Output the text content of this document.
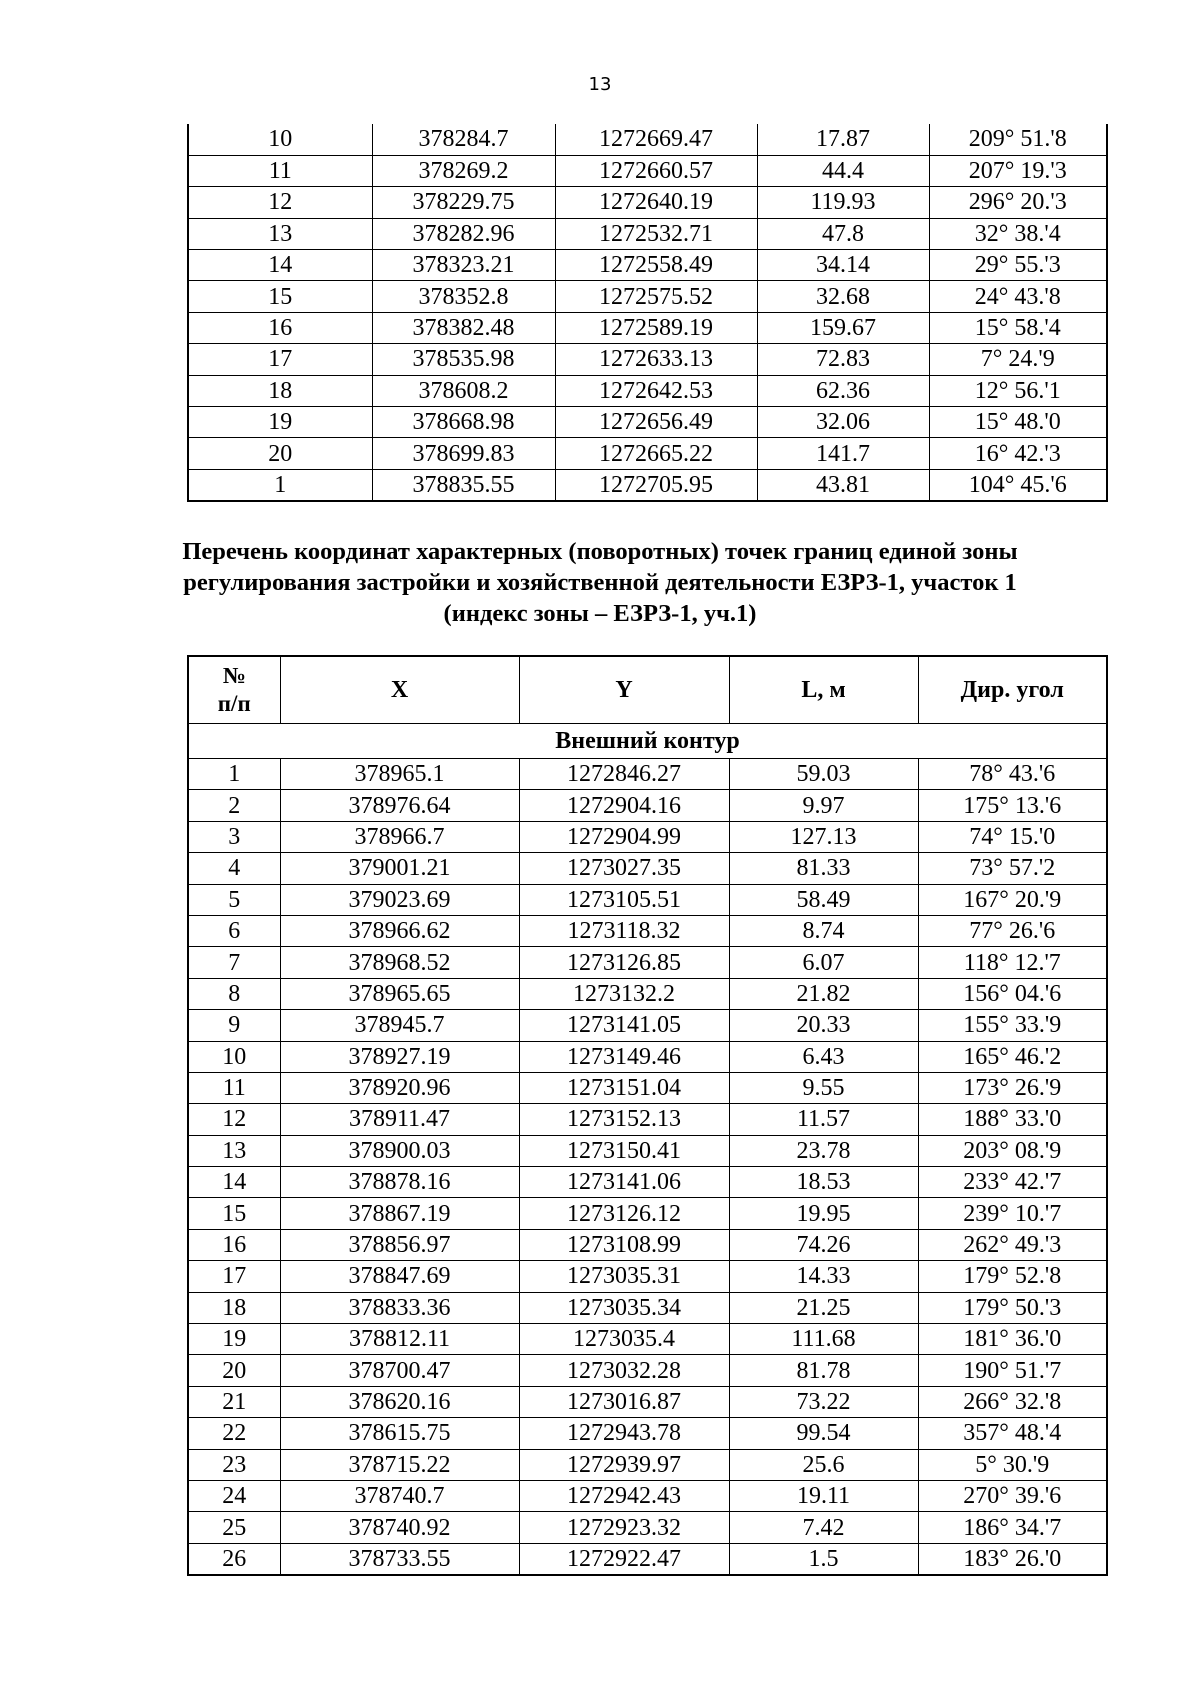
13
10	378284.7	1272669.47	17.87	209° 51.'8
11	378269.2	1272660.57	44.4	207° 19.'3
12	378229.75	1272640.19	119.93	296° 20.'3
13	378282.96	1272532.71	47.8	32° 38.'4
14	378323.21	1272558.49	34.14	29° 55.'3
15	378352.8	1272575.52	32.68	24° 43.'8
16	378382.48	1272589.19	159.67	15° 58.'4
17	378535.98	1272633.13	72.83	7° 24.'9
18	378608.2	1272642.53	62.36	12° 56.'1
19	378668.98	1272656.49	32.06	15° 48.'0
20	378699.83	1272665.22	141.7	16° 42.'3
1	378835.55	1272705.95	43.81	104° 45.'6
Перечень координат характерных (поворотных) точек границ единой зоны
регулирования застройки и хозяйственной деятельности ЕЗРЗ-1, участок 1
(индекс зоны – ЕЗРЗ-1, уч.1)
№
п/п	X	Y	L, м	Дир. угол
Внешний контур				
1	378965.1	1272846.27	59.03	78° 43.'6
2	378976.64	1272904.16	9.97	175° 13.'6
3	378966.7	1272904.99	127.13	74° 15.'0
4	379001.21	1273027.35	81.33	73° 57.'2
5	379023.69	1273105.51	58.49	167° 20.'9
6	378966.62	1273118.32	8.74	77° 26.'6
7	378968.52	1273126.85	6.07	118° 12.'7
8	378965.65	1273132.2	21.82	156° 04.'6
9	378945.7	1273141.05	20.33	155° 33.'9
10	378927.19	1273149.46	6.43	165° 46.'2
11	378920.96	1273151.04	9.55	173° 26.'9
12	378911.47	1273152.13	11.57	188° 33.'0
13	378900.03	1273150.41	23.78	203° 08.'9
14	378878.16	1273141.06	18.53	233° 42.'7
15	378867.19	1273126.12	19.95	239° 10.'7
16	378856.97	1273108.99	74.26	262° 49.'3
17	378847.69	1273035.31	14.33	179° 52.'8
18	378833.36	1273035.34	21.25	179° 50.'3
19	378812.11	1273035.4	111.68	181° 36.'0
20	378700.47	1273032.28	81.78	190° 51.'7
21	378620.16	1273016.87	73.22	266° 32.'8
22	378615.75	1272943.78	99.54	357° 48.'4
23	378715.22	1272939.97	25.6	5° 30.'9
24	378740.7	1272942.43	19.11	270° 39.'6
25	378740.92	1272923.32	7.42	186° 34.'7
26	378733.55	1272922.47	1.5	183° 26.'0
